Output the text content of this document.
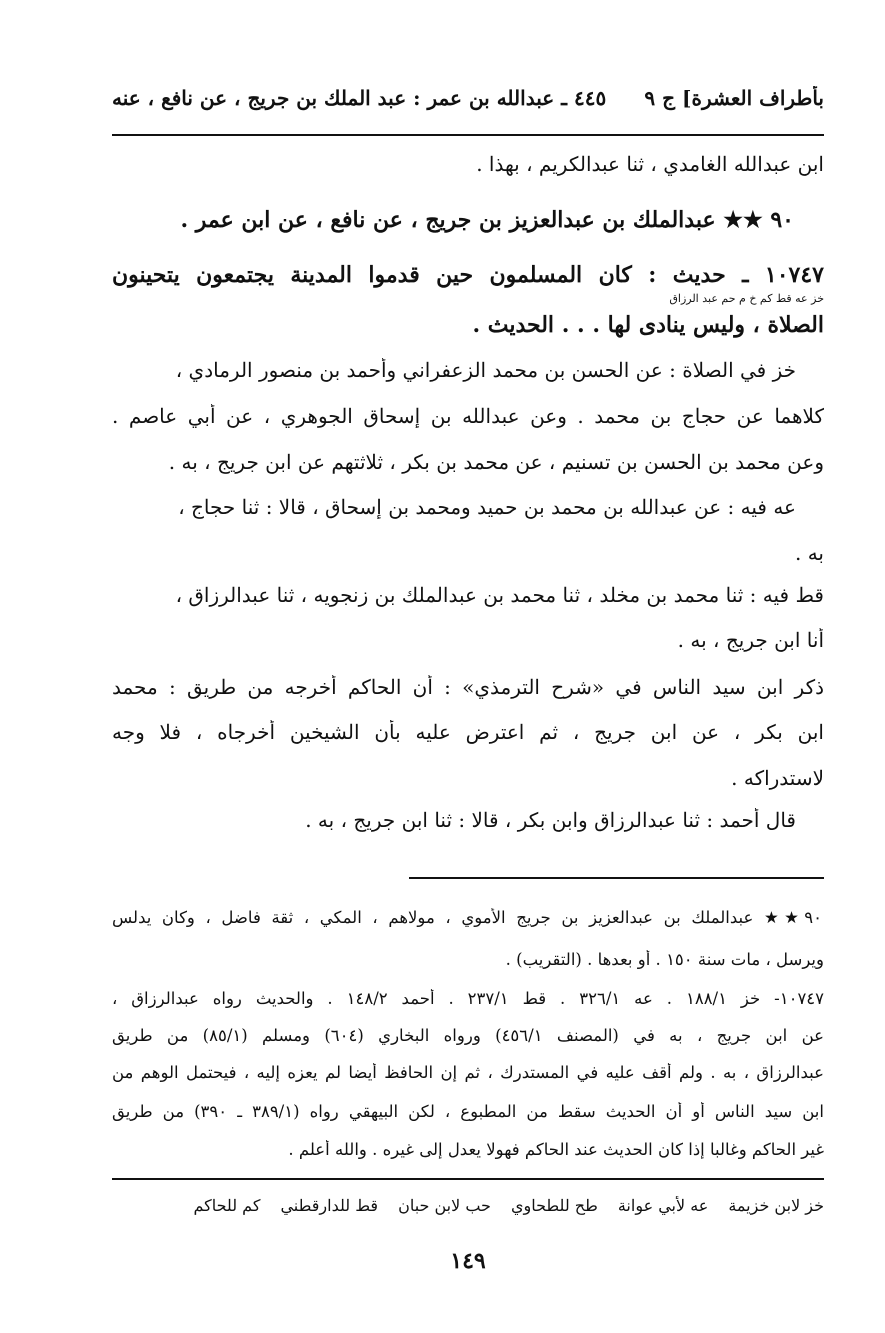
بأطراف العشرة] ج ٩
٤٤٥ ـ عبدالله بن عمر : عبد الملك بن جريج ، عن نافع ، عنه
ابن عبدالله الغامدي ، ثنا عبدالكريم ، بهذا .
٩٠ ★★ عبدالملك بن عبدالعزيز بن جريج ، عن نافع ، عن ابن عمر .
١٠٧٤٧ ـ حديث : كان المسلمون حين قدموا المدينة يجتمعون يتحينون
خز عه قط كم خ م حم عبد الرزاق
الصلاة ، وليس ينادى لها . . . الحديث .
خز في الصلاة : عن الحسن بن محمد الزعفراني وأحمد بن منصور الرمادي ،
كلاهما عن حجاج بن محمد . وعن عبدالله بن إسحاق الجوهري ، عن أبي عاصم .
وعن محمد بن الحسن بن تسنيم ، عن محمد بن بكر ، ثلاثتهم عن ابن جريج ، به .
عه فيه : عن عبدالله بن محمد بن حميد ومحمد بن إسحاق ، قالا : ثنا حجاج ،
به .
قط فيه : ثنا محمد بن مخلد ، ثنا محمد بن عبدالملك بن زنجويه ، ثنا عبدالرزاق ،
أنا ابن جريج ، به .
ذكر ابن سيد الناس في «شرح الترمذي» : أن الحاكم أخرجه من طريق : محمد
ابن بكر ، عن ابن جريج ، ثم اعترض عليه بأن الشيخين أخرجاه ، فلا وجه
لاستدراكه .
قال أحمد : ثنا عبدالرزاق وابن بكر ، قالا : ثنا ابن جريج ، به .
٩٠★★ عبدالملك بن عبدالعزيز بن جريج الأموي ، مولاهم ، المكي ، ثقة فاضل ، وكان يدلس
ويرسل ، مات سنة ١٥٠ . أو بعدها . (التقريب) .
١٠٧٤٧- خز ١٨٨/١ . عه ٣٢٦/١ . قط ٢٣٧/١ . أحمد ١٤٨/٢ . والحديث رواه عبدالرزاق ،
عن ابن جريج ، به في (المصنف ٤٥٦/١) ورواه البخاري (٦٠٤) ومسلم (٨٥/١) من طريق
عبدالرزاق ، به . ولم أقف عليه في المستدرك ، ثم إن الحافظ أيضا لم يعزه إليه ، فيحتمل الوهم من
ابن سيد الناس أو أن الحديث سقط من المطبوع ، لكن البيهقي رواه (٣٨٩/١ ـ ٣٩٠) من طريق
غير الحاكم وغالبا إذا كان الحديث عند الحاكم فهولا يعدل إلى غيره . والله أعلم .
خز لابن خزيمة
عه لأبي عوانة
طح للطحاوي
حب لابن حبان
قط للدارقطني
كم للحاكم
١٤٩
